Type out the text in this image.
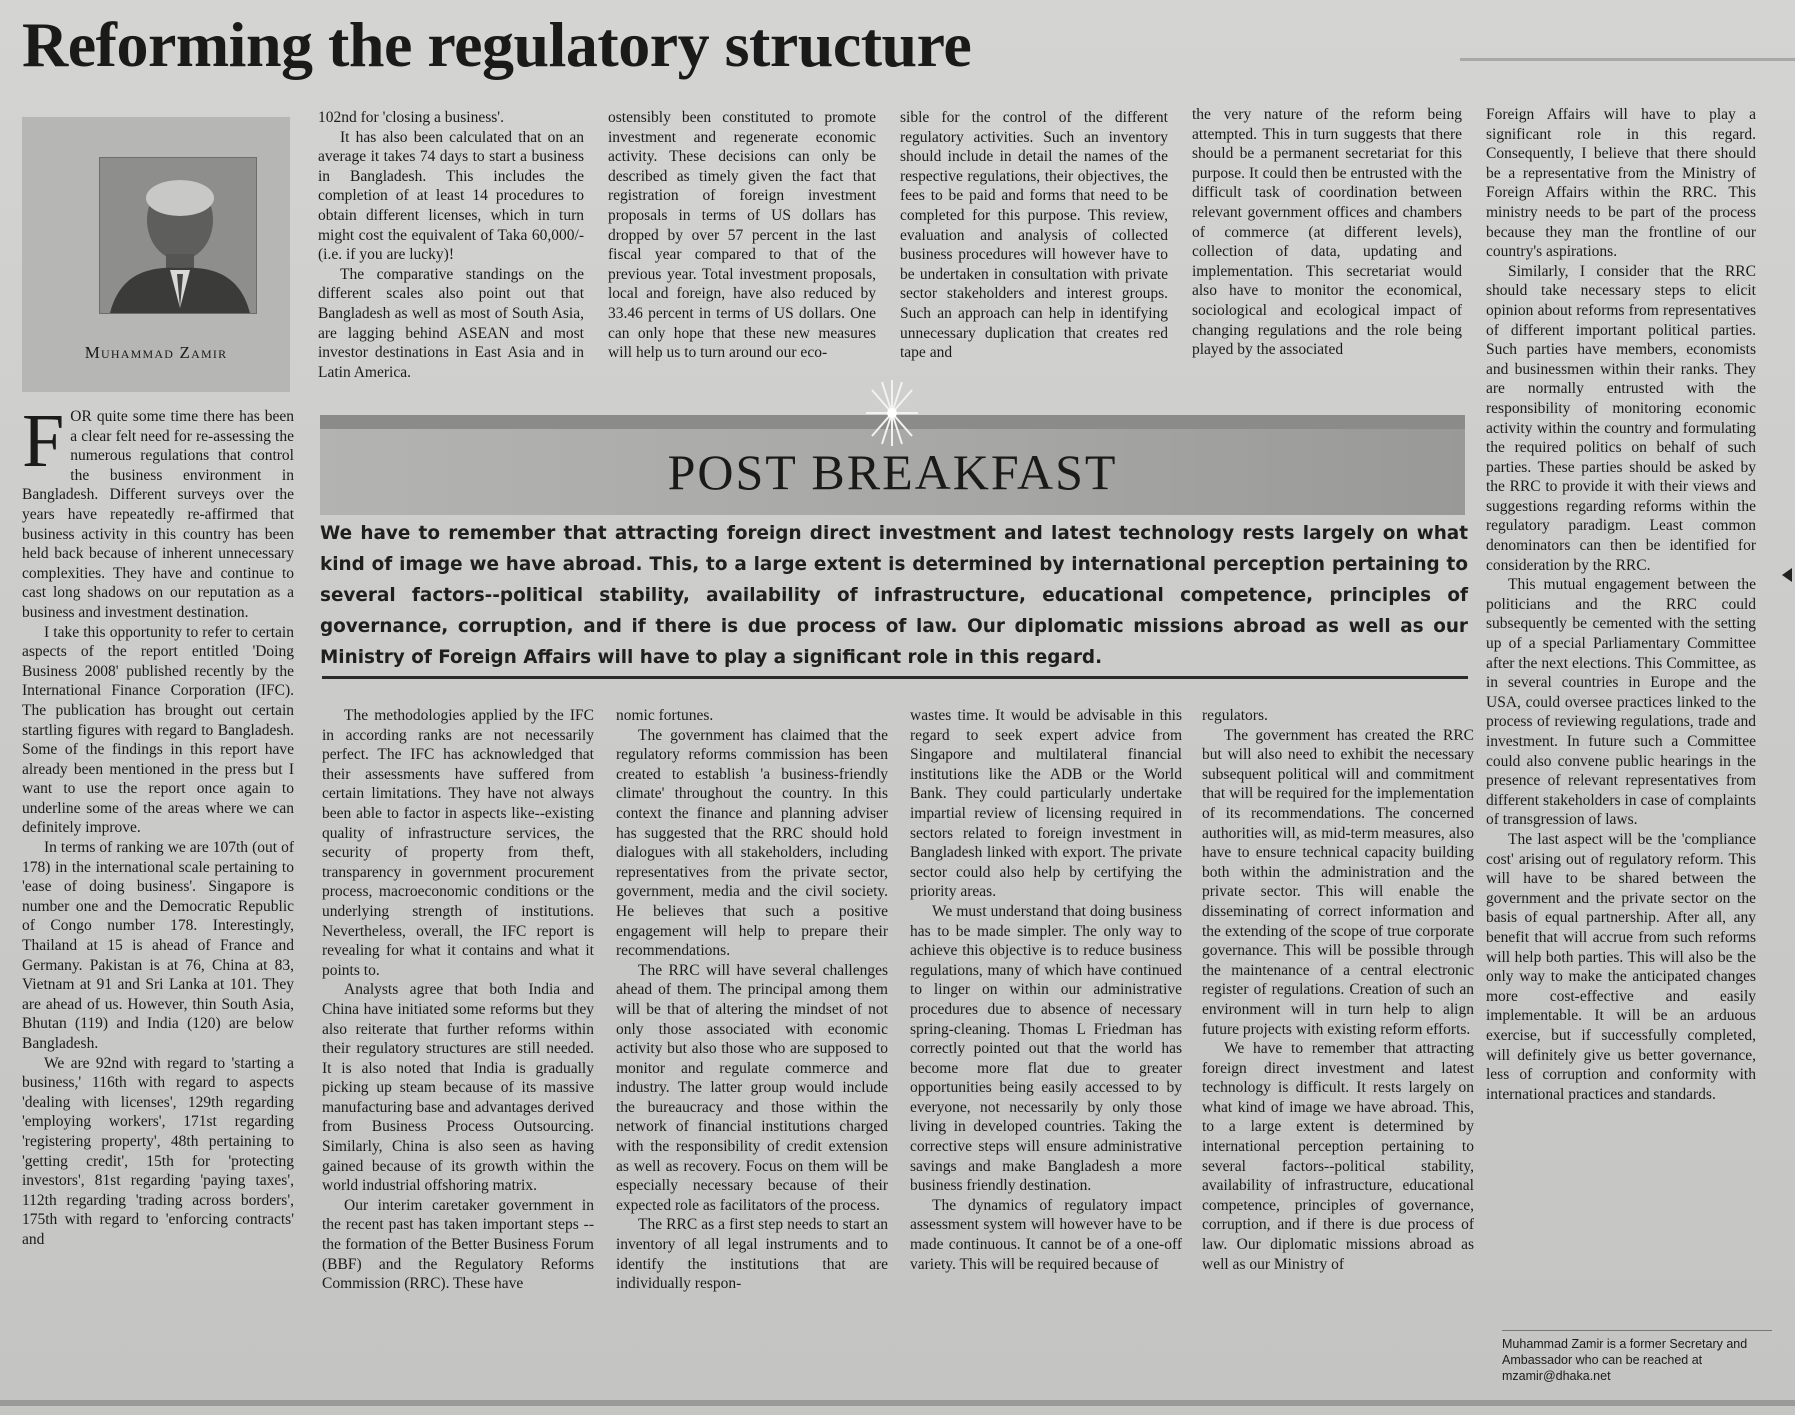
Reforming the regulatory structure
Muhammad Zamir

FOR quite some time there has been a clear felt need for re-assessing the numerous regulations that control the business environment in Bangladesh. Different surveys over the years have repeatedly re-affirmed that business activity in this country has been held back because of inherent unnecessary complexities. They have and continue to cast long shadows on our reputation as a business and investment destination.

I take this opportunity to refer to certain aspects of the report entitled 'Doing Business 2008' published recently by the International Finance Corporation (IFC). The publication has brought out certain startling figures with regard to Bangladesh. Some of the findings in this report have already been mentioned in the press but I want to use the report once again to underline some of the areas where we can definitely improve.

In terms of ranking we are 107th (out of 178) in the international scale pertaining to 'ease of doing business'. Singapore is number one and the Democratic Republic of Congo number 178. Interestingly, Thailand at 15 is ahead of France and Germany. Pakistan is at 76, China at 83, Vietnam at 91 and Sri Lanka at 101. They are ahead of us. However, thin South Asia, Bhutan (119) and India (120) are below Bangladesh.

We are 92nd with regard to 'starting a business,' 116th with regard to aspects 'dealing with licenses', 129th regarding 'employing workers', 171st regarding 'registering property', 48th pertaining to 'getting credit', 15th for 'protecting investors', 81st regarding 'paying taxes', 112th regarding 'trading across borders', 175th with regard to 'enforcing contracts' and

102nd for 'closing a business'.

It has also been calculated that on an average it takes 74 days to start a business in Bangladesh. This includes the completion of at least 14 procedures to obtain different licenses, which in turn might cost the equivalent of Taka 60,000/- (i.e. if you are lucky)!

The comparative standings on the different scales also point out that Bangladesh as well as most of South Asia, are lagging behind ASEAN and most investor destinations in East Asia and in Latin America.

ostensibly been constituted to promote investment and regenerate economic activity. These decisions can only be described as timely given the fact that registration of foreign investment proposals in terms of US dollars has dropped by over 57 percent in the last fiscal year compared to that of the previous year. Total investment proposals, local and foreign, have also reduced by 33.46 percent in terms of US dollars. One can only hope that these new measures will help us to turn around our eco-

sible for the control of the different regulatory activities. Such an inventory should include in detail the names of the respective regulations, their objectives, the fees to be paid and forms that need to be completed for this purpose. This review, evaluation and analysis of collected business procedures will however have to be undertaken in consultation with private sector stakeholders and interest groups. Such an approach can help in identifying unnecessary duplication that creates red tape and

the very nature of the reform being attempted. This in turn suggests that there should be a permanent secretariat for this purpose. It could then be entrusted with the difficult task of coordination between relevant government offices and chambers of commerce (at different levels), collection of data, updating and implementation. This secretariat would also have to monitor the economical, sociological and ecological impact of changing regulations and the role being played by the associated

POST BREAKFAST
We have to remember that attracting foreign direct investment and latest technology rests largely on what kind of image we have abroad. This, to a large extent is determined by international perception pertaining to several factors--political stability, availability of infrastructure, educational competence, principles of governance, corruption, and if there is due process of law. Our diplomatic missions abroad as well as our Ministry of Foreign Affairs will have to play a significant role in this regard.

The methodologies applied by the IFC in according ranks are not necessarily perfect. The IFC has acknowledged that their assessments have suffered from certain limitations. They have not always been able to factor in aspects like--existing quality of infrastructure services, the security of property from theft, transparency in government procurement process, macroeconomic conditions or the underlying strength of institutions. Nevertheless, overall, the IFC report is revealing for what it contains and what it points to.

Analysts agree that both India and China have initiated some reforms but they also reiterate that further reforms within their regulatory structures are still needed. It is also noted that India is gradually picking up steam because of its massive manufacturing base and advantages derived from Business Process Outsourcing. Similarly, China is also seen as having gained because of its growth within the world industrial offshoring matrix.

Our interim caretaker government in the recent past has taken important steps -- the formation of the Better Business Forum (BBF) and the Regulatory Reforms Commission (RRC). These have

nomic fortunes.

The government has claimed that the regulatory reforms commission has been created to establish 'a business-friendly climate' throughout the country. In this context the finance and planning adviser has suggested that the RRC should hold dialogues with all stakeholders, including representatives from the private sector, government, media and the civil society. He believes that such a positive engagement will help to prepare their recommendations.

The RRC will have several challenges ahead of them. The principal among them will be that of altering the mindset of not only those associated with economic activity but also those who are supposed to monitor and regulate commerce and industry. The latter group would include the bureaucracy and those within the network of financial institutions charged with the responsibility of credit extension as well as recovery. Focus on them will be especially necessary because of their expected role as facilitators of the process.

The RRC as a first step needs to start an inventory of all legal instruments and to identify the institutions that are individually respon-

wastes time. It would be advisable in this regard to seek expert advice from Singapore and multilateral financial institutions like the ADB or the World Bank. They could particularly undertake impartial review of licensing required in sectors related to foreign investment in Bangladesh linked with export. The private sector could also help by certifying the priority areas.

We must understand that doing business has to be made simpler. The only way to achieve this objective is to reduce business regulations, many of which have continued to linger on within our administrative procedures due to absence of necessary spring-cleaning. Thomas L Friedman has correctly pointed out that the world has become more flat due to greater opportunities being easily accessed to by everyone, not necessarily by only those living in developed countries. Taking the corrective steps will ensure administrative savings and make Bangladesh a more business friendly destination.

The dynamics of regulatory impact assessment system will however have to be made continuous. It cannot be of a one-off variety. This will be required because of

regulators.

The government has created the RRC but will also need to exhibit the necessary subsequent political will and commitment that will be required for the implementation of its recommendations. The concerned authorities will, as mid-term measures, also have to ensure technical capacity building both within the administration and the private sector. This will enable the disseminating of correct information and the extending of the scope of true corporate governance. This will be possible through the maintenance of a central electronic register of regulations. Creation of such an environment will in turn help to align future projects with existing reform efforts.

We have to remember that attracting foreign direct investment and latest technology is difficult. It rests largely on what kind of image we have abroad. This, to a large extent is determined by international perception pertaining to several factors--political stability, availability of infrastructure, educational competence, principles of governance, corruption, and if there is due process of law. Our diplomatic missions abroad as well as our Ministry of

Foreign Affairs will have to play a significant role in this regard. Consequently, I believe that there should be a representative from the Ministry of Foreign Affairs within the RRC. This ministry needs to be part of the process because they man the frontline of our country's aspirations.

Similarly, I consider that the RRC should take necessary steps to elicit opinion about reforms from representatives of different important political parties. Such parties have members, economists and businessmen within their ranks. They are normally entrusted with the responsibility of monitoring economic activity within the country and formulating the required politics on behalf of such parties. These parties should be asked by the RRC to provide it with their views and suggestions regarding reforms within the regulatory paradigm. Least common denominators can then be identified for consideration by the RRC.

This mutual engagement between the politicians and the RRC could subsequently be cemented with the setting up of a special Parliamentary Committee after the next elections. This Committee, as in several countries in Europe and the USA, could oversee practices linked to the process of reviewing regulations, trade and investment. In future such a Committee could also convene public hearings in the presence of relevant representatives from different stakeholders in case of complaints of transgression of laws.

The last aspect will be the 'compliance cost' arising out of regulatory reform. This will have to be shared between the government and the private sector on the basis of equal partnership. After all, any benefit that will accrue from such reforms will help both parties. This will also be the only way to make the anticipated changes more cost-effective and easily implementable. It will be an arduous exercise, but if successfully completed, will definitely give us better governance, less of corruption and conformity with international practices and standards.

Muhammad Zamir is a former Secretary and Ambassador who can be reached at mzamir@dhaka.net
